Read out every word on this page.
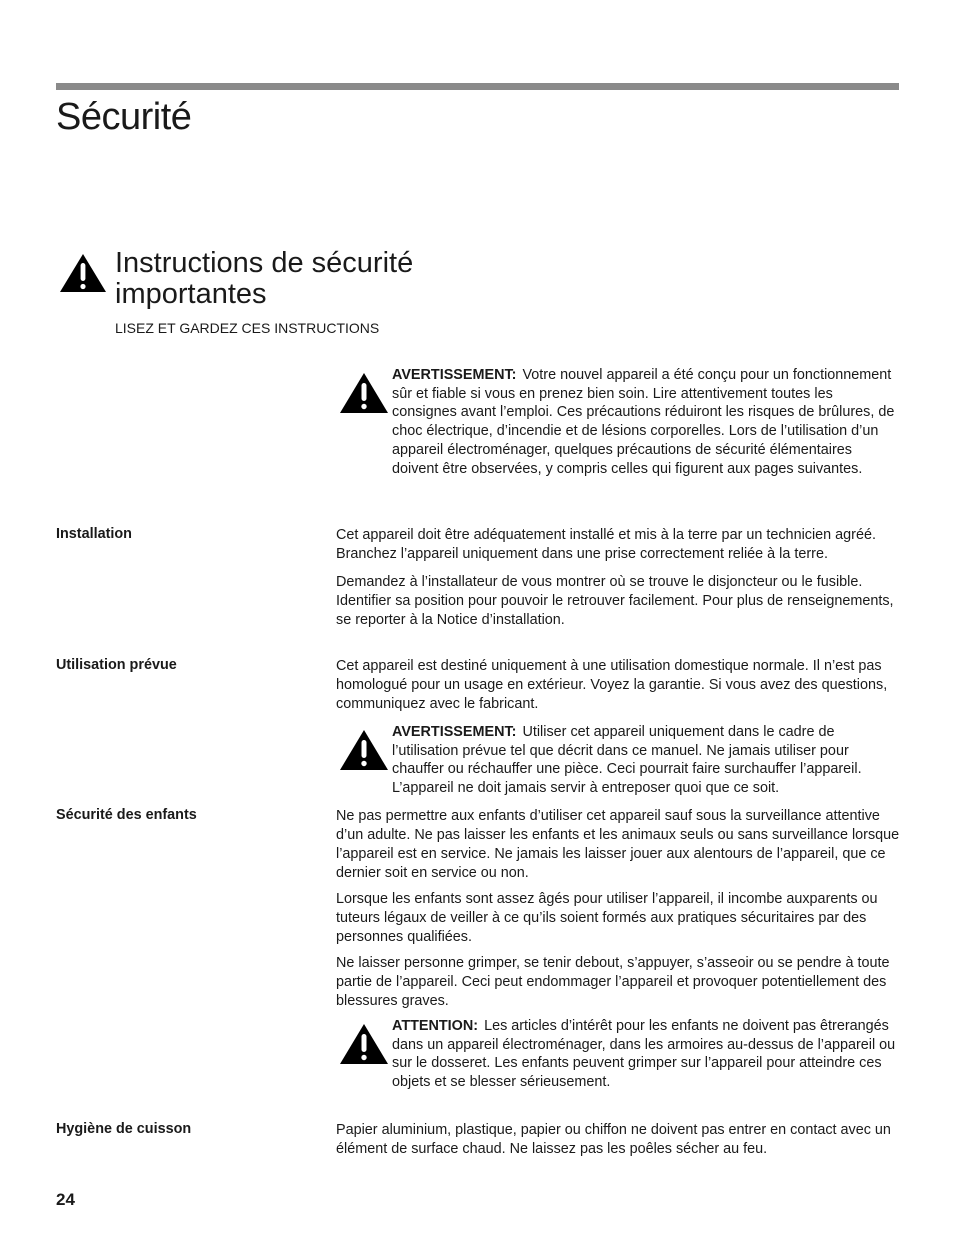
Sécurité
Instructions de sécurité importantes
LISEZ ET GARDEZ CES INSTRUCTIONS
AVERTISSEMENT: Votre nouvel appareil a été conçu pour un fonctionnement sûr et fiable si vous en prenez bien soin. Lire attentivement toutes les consignes avant l’emploi. Ces précautions réduiront les risques de brûlures, de choc électrique, d’incendie et de lésions corporelles. Lors de l’utilisation d’un appareil électroménager, quelques précautions de sécurité élémentaires doivent être observées, y compris celles qui figurent aux pages suivantes.
Installation	Cet appareil doit être adéquatement installé et mis à la terre par un technicien agréé. Branchez l’appareil uniquement dans une prise correctement reliée à la terre.

Demandez à l’installateur de vous montrer où se trouve le disjoncteur ou le fusible. Identifier sa position pour pouvoir le retrouver facilement. Pour plus de renseignements, se reporter à la Notice d’installation.

Utilisation prévue	Cet appareil est destiné uniquement à une utilisation domestique normale. Il n’est pas homologué pour un usage en extérieur. Voyez la garantie. Si vous avez des questions, communiquez avec le fabricant.

AVERTISSEMENT: Utiliser cet appareil uniquement dans le cadre de l’utilisation prévue tel que décrit dans ce manuel. Ne jamais utiliser pour chauffer ou réchauffer une pièce. Ceci pourrait faire surchauffer l’appareil. L’appareil ne doit jamais servir à entreposer quoi que ce soit.
Sécurité des enfants	Ne pas permettre aux enfants d’utiliser cet appareil sauf sous la surveillance attentive d’un adulte. Ne pas laisser les enfants et les animaux seuls ou sans surveillance lorsque l’appareil est en service. Ne jamais les laisser jouer aux alentours de l’appareil, que ce dernier soit en service ou non.

Lorsque les enfants sont assez âgés pour utiliser l’appareil, il incombe auxparents ou tuteurs légaux de veiller à ce qu’ils soient formés aux pratiques sécuritaires par des personnes qualifiées.

Ne laisser personne grimper, se tenir debout, s’appuyer, s’asseoir ou se pendre à toute partie de l’appareil. Ceci peut endommager l’appareil et provoquer potentiellement des blessures graves.

ATTENTION: Les articles d’intérêt pour les enfants ne doivent pas êtrerangés dans un appareil électroménager, dans les armoires au-dessus de l’appareil ou sur le dosseret. Les enfants peuvent grimper sur l’appareil pour atteindre ces objets et se blesser sérieusement.
Hygiène de cuisson	Papier aluminium, plastique, papier ou chiffon ne doivent pas entrer en contact avec un élément de surface chaud. Ne laissez pas les poêles sécher au feu.

24
